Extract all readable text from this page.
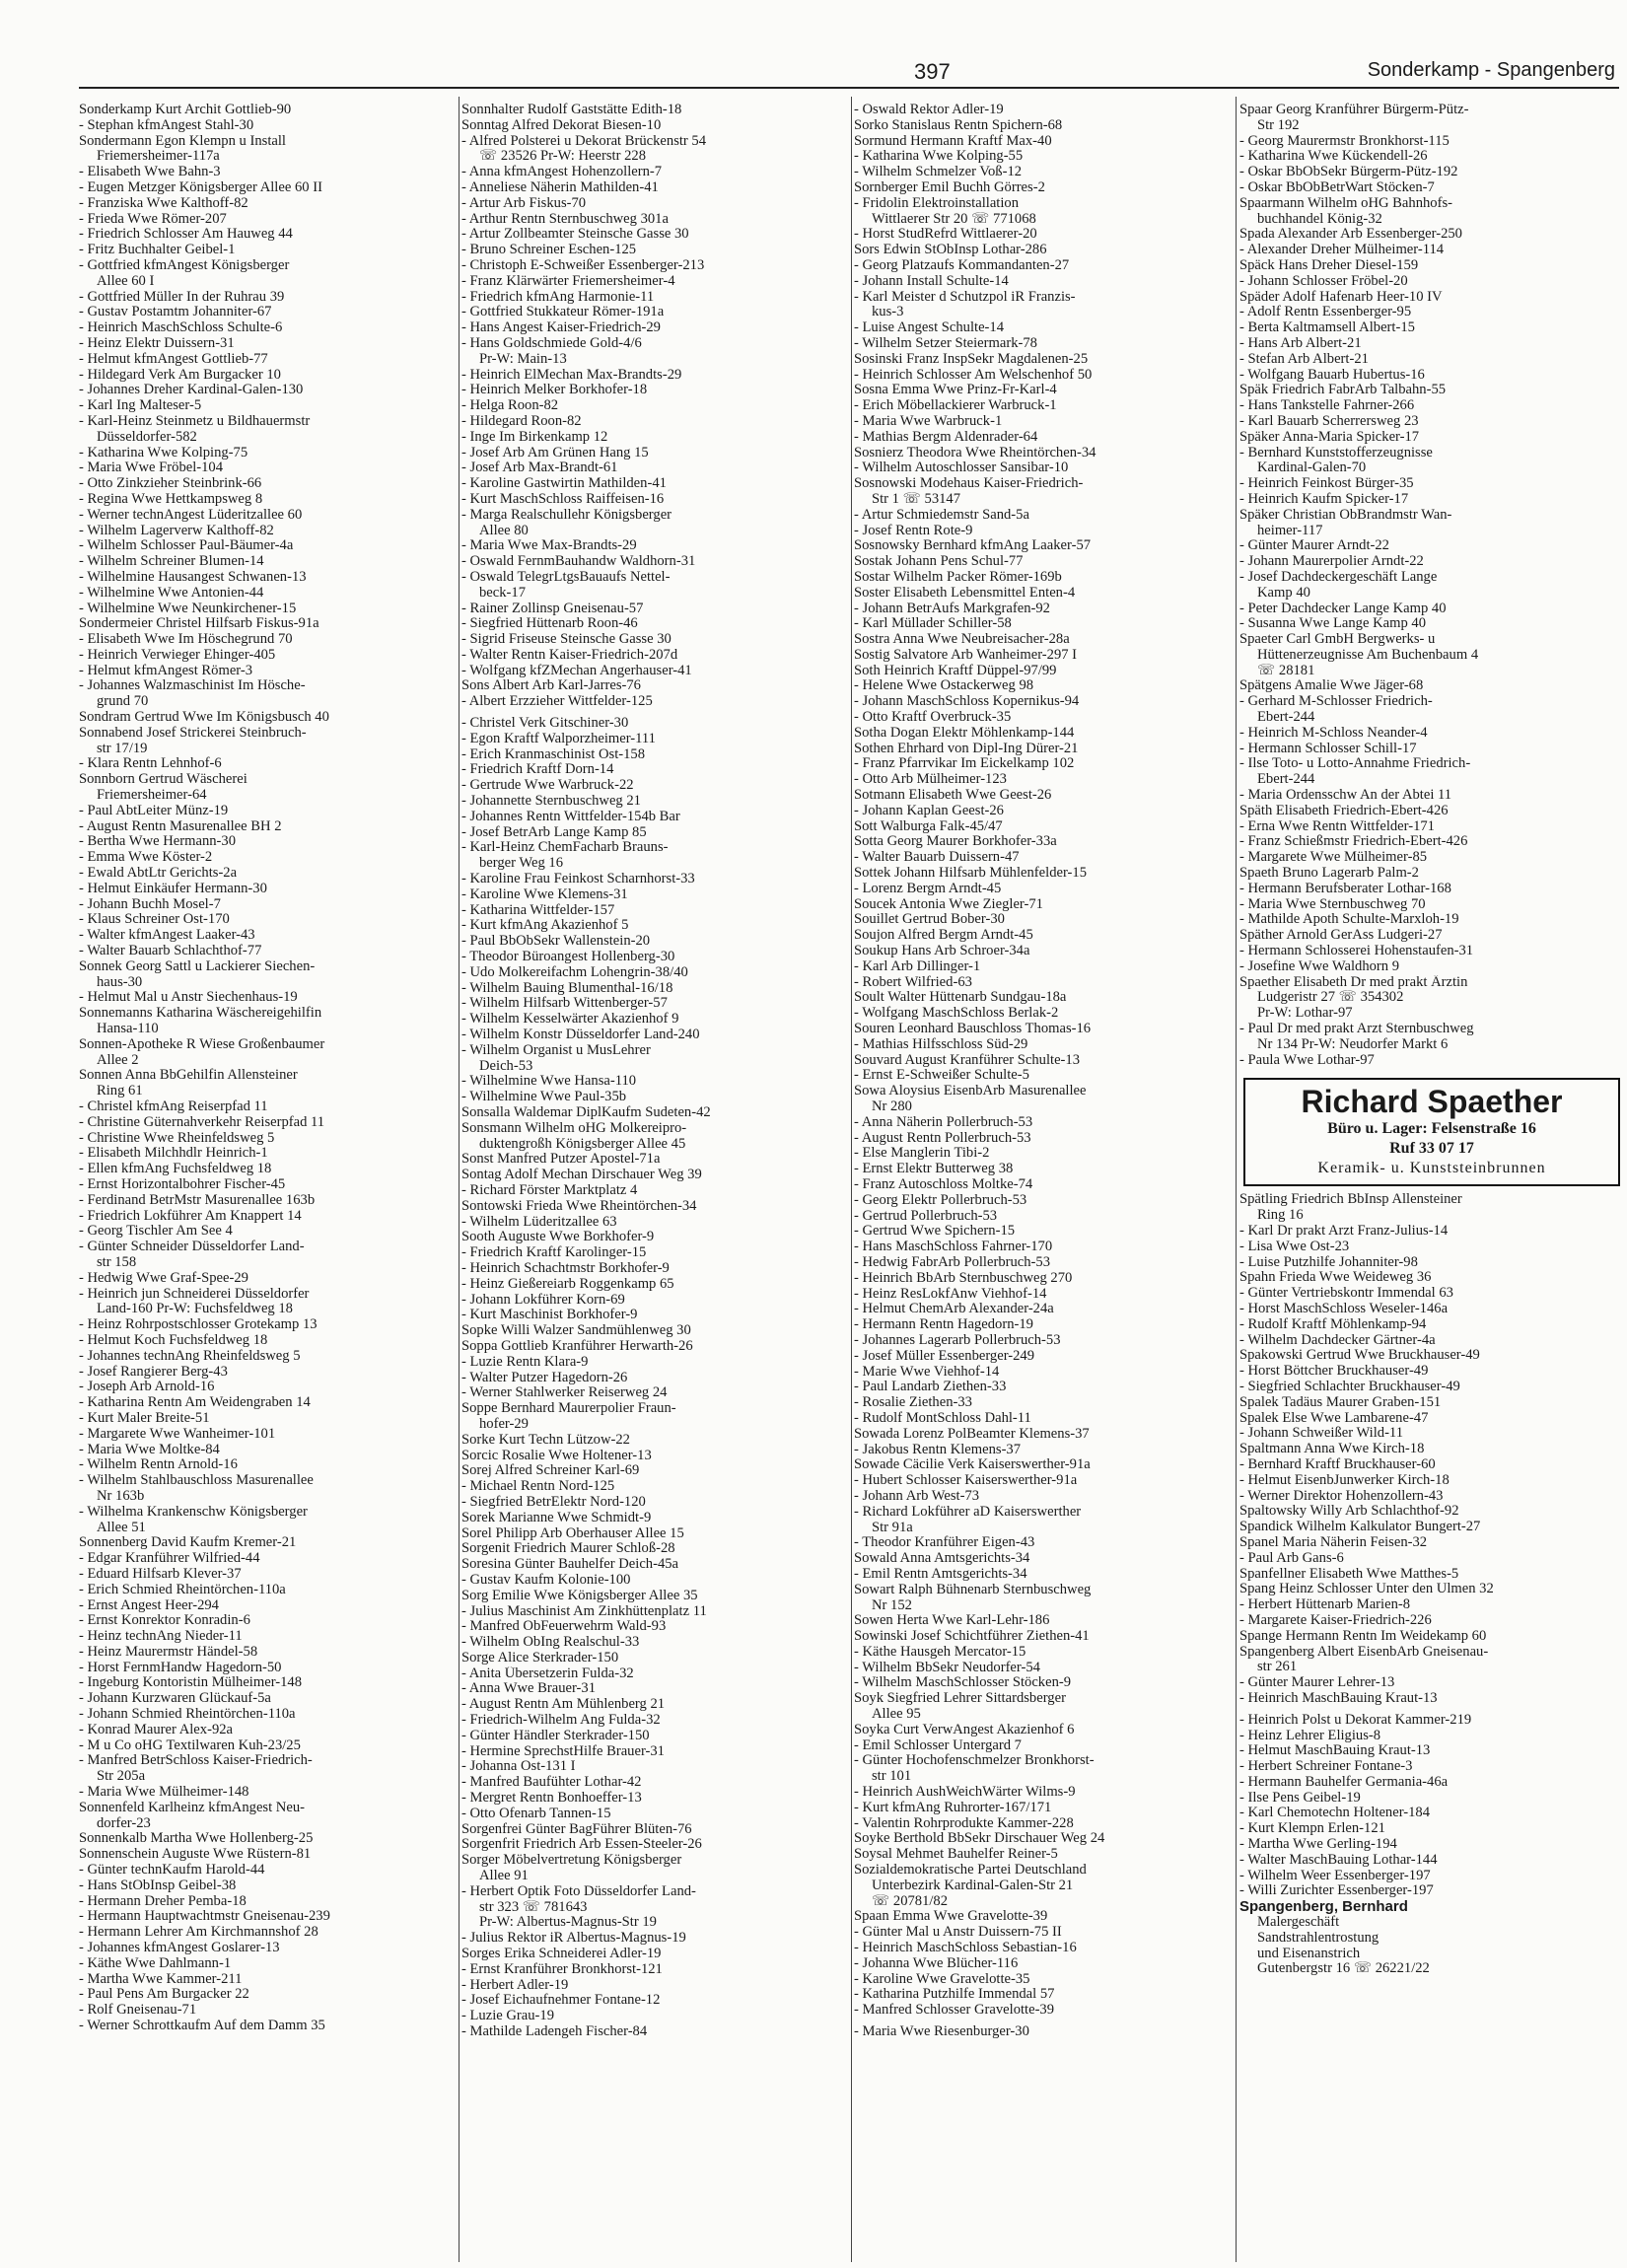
397	Sonderkamp - Spangenberg
Sonderkamp Kurt Archit Gottlieb-90
- Stephan kfmAngest Stahl-30
Sondermann Egon Klempn u Install
Friemersheimer-117a
- Elisabeth Wwe Bahn-3
- Eugen Metzger Königsberger Allee 60 II
- Franziska Wwe Kalthoff-82
- Frieda Wwe Römer-207
- Friedrich Schlosser Am Hauweg 44
- Fritz Buchhalter Geibel-1
- Gottfried kfmAngest Königsberger
Allee 60 I
- Gottfried Müller In der Ruhrau 39
- Gustav Postamtm Johanniter-67
- Heinrich MaschSchloss Schulte-6
- Heinz Elektr Duissern-31
- Helmut kfmAngest Gottlieb-77
- Hildegard Verk Am Burgacker 10
- Johannes Dreher Kardinal-Galen-130
- Karl Ing Malteser-5
- Karl-Heinz Steinmetz u Bildhauermstr
Düsseldorfer-582
- Katharina Wwe Kolping-75
- Maria Wwe Fröbel-104
- Otto Zinkzieher Steinbrink-66
- Regina Wwe Hettkampsweg 8
- Werner technAngest Lüderitzallee 60
- Wilhelm Lagerverw Kalthoff-82
- Wilhelm Schlosser Paul-Bäumer-4a
- Wilhelm Schreiner Blumen-14
- Wilhelmine Hausangest Schwanen-13
- Wilhelmine Wwe Antonien-44
- Wilhelmine Wwe Neunkirchener-15
Sondermeier Christel Hilfsarb Fiskus-91a
- Elisabeth Wwe Im Höschegrund 70
- Heinrich Verwieger Ehinger-405
- Helmut kfmAngest Römer-3
- Johannes Walzmaschinist Im Hösche-
grund 70
Sondram Gertrud Wwe Im Königsbusch 40
Sonnabend Josef Strickerei Steinbruch-
str 17/19
- Klara Rentn Lehnhof-6
Sonnborn Gertrud Wäscherei
Friemersheimer-64
- Paul AbtLeiter Münz-19
- August Rentn Masurenallee BH 2
- Bertha Wwe Hermann-30
- Emma Wwe Köster-2
- Ewald AbtLtr Gerichts-2a
- Helmut Einkäufer Hermann-30
- Johann Buchh Mosel-7
- Klaus Schreiner Ost-170
- Walter kfmAngest Laaker-43
- Walter Bauarb Schlachthof-77
Sonnek Georg Sattl u Lackierer Siechen-
haus-30
- Helmut Mal u Anstr Siechenhaus-19
Sonnemanns Katharina Wäschereigehilfin
Hansa-110
Sonnen-Apotheke R Wiese Großenbaumer
Allee 2
Sonnen Anna BbGehilfin Allensteiner
Ring 61
- Christel kfmAng Reiserpfad 11
- Christine Güternahverkehr Reiserpfad 11
- Christine Wwe Rheinfeldsweg 5
- Elisabeth Milchhdlr Heinrich-1
- Ellen kfmAng Fuchsfeldweg 18
- Ernst Horizontalbohrer Fischer-45
- Ferdinand BetrMstr Masurenallee 163b
- Friedrich Lokführer Am Knappert 14
- Georg Tischler Am See 4
- Günter Schneider Düsseldorfer Land-
str 158
- Hedwig Wwe Graf-Spee-29
- Heinrich jun Schneiderei Düsseldorfer
Land-160 Pr-W: Fuchsfeldweg 18
- Heinz Rohrpostschlosser Grotekamp 13
- Helmut Koch Fuchsfeldweg 18
- Johannes technAng Rheinfeldsweg 5
- Josef Rangierer Berg-43
- Joseph Arb Arnold-16
- Katharina Rentn Am Weidengraben 14
- Kurt Maler Breite-51
- Margarete Wwe Wanheimer-101
- Maria Wwe Moltke-84
- Wilhelm Rentn Arnold-16
- Wilhelm Stahlbauschloss Masurenallee
Nr 163b
- Wilhelma Krankenschw Königsberger
Allee 51
Sonnenberg David Kaufm Kremer-21
- Edgar Kranführer Wilfried-44
- Eduard Hilfsarb Klever-37
- Erich Schmied Rheintörchen-110a
- Ernst Angest Heer-294
- Ernst Konrektor Konradin-6
- Heinz technAng Nieder-11
- Heinz Maurermstr Händel-58
- Horst FernmHandw Hagedorn-50
- Ingeburg Kontoristin Mülheimer-148
- Johann Kurzwaren Glückauf-5a
- Johann Schmied Rheintörchen-110a
- Konrad Maurer Alex-92a
- M u Co oHG Textilwaren Kuh-23/25
- Manfred BetrSchloss Kaiser-Friedrich-
Str 205a
- Maria Wwe Mülheimer-148
Sonnenfeld Karlheinz kfmAngest Neu-
dorfer-23
Sonnenkalb Martha Wwe Hollenberg-25
Sonnenschein Auguste Wwe Rüstern-81
- Günter technKaufm Harold-44
- Hans StObInsp Geibel-38
- Hermann Dreher Pemba-18
- Hermann Hauptwachtmstr Gneisenau-239
- Hermann Lehrer Am Kirchmannshof 28
- Johannes kfmAngest Goslarer-13
- Käthe Wwe Dahlmann-1
- Martha Wwe Kammer-211
- Paul Pens Am Burgacker 22
- Rolf Gneisenau-71
- Werner Schrottkaufm Auf dem Damm 35
Sonnhalter Rudolf Gaststätte Edith-18
Sonntag Alfred Dekorat Biesen-10
- Alfred Polsterei u Dekorat Brückenstr 54
☏ 23526 Pr-W: Heerstr 228
- Anna kfmAngest Hohenzollern-7
- Anneliese Näherin Mathilden-41
- Artur Arb Fiskus-70
- Arthur Rentn Sternbuschweg 301a
- Artur Zollbeamter Steinsche Gasse 30
- Bruno Schreiner Eschen-125
- Christoph E-Schweißer Essenberger-213
- Franz Klärwärter Friemersheimer-4
- Friedrich kfmAng Harmonie-11
- Gottfried Stukkateur Römer-191a
- Hans Angest Kaiser-Friedrich-29
- Hans Goldschmiede Gold-4/6
Pr-W: Main-13
- Heinrich ElMechan Max-Brandts-29
- Heinrich Melker Borkhofer-18
- Helga Roon-82
- Hildegard Roon-82
- Inge Im Birkenkamp 12
- Josef Arb Am Grünen Hang 15
- Josef Arb Max-Brandt-61
- Karoline Gastwirtin Mathilden-41
- Kurt MaschSchloss Raiffeisen-16
- Marga Realschullehr Königsberger
Allee 80
- Maria Wwe Max-Brandts-29
- Oswald FernmBauhandw Waldhorn-31
- Oswald TelegrLtgsBauaufs Nettel-
beck-17
- Rainer Zollinsp Gneisenau-57
- Siegfried Hüttenarb Roon-46
- Sigrid Friseuse Steinsche Gasse 30
- Walter Rentn Kaiser-Friedrich-207d
- Wolfgang kfZMechan Angerhauser-41
Sons Albert Arb Karl-Jarres-76
- Albert Erzzieher Wittfelder-125
- Christel Verk Gitschiner-30
- Egon Kraftf Walporzheimer-111
- Erich Kranmaschinist Ost-158
- Friedrich Kraftf Dorn-14
- Gertrude Wwe Warbruck-22
- Johannette Sternbuschweg 21
- Johannes Rentn Wittfelder-154b Bar
- Josef BetrArb Lange Kamp 85
- Karl-Heinz ChemFacharb Brauns-
berger Weg 16
- Karoline Frau Feinkost Scharnhorst-33
- Karoline Wwe Klemens-31
- Katharina Wittfelder-157
- Kurt kfmAng Akazienhof 5
- Paul BbObSekr Wallenstein-20
- Theodor Büroangest Hollenberg-30
- Udo Molkereifachm Lohengrin-38/40
- Wilhelm Bauing Blumenthal-16/18
- Wilhelm Hilfsarb Wittenberger-57
- Wilhelm Kesselwärter Akazienhof 9
- Wilhelm Konstr Düsseldorfer Land-240
- Wilhelm Organist u MusLehrer
Deich-53
- Wilhelmine Wwe Hansa-110
- Wilhelmine Wwe Paul-35b
Sonsalla Waldemar DiplKaufm Sudeten-42
Sonsmann Wilhelm oHG Molkereipro-
duktengroßh Königsberger Allee 45
Sonst Manfred Putzer Apostel-71a
Sontag Adolf Mechan Dirschauer Weg 39
- Richard Förster Marktplatz 4
Sontowski Frieda Wwe Rheintörchen-34
- Wilhelm Lüderitzallee 63
Sooth Auguste Wwe Borkhofer-9
- Friedrich Kraftf Karolinger-15
- Heinrich Schachtmstr Borkhofer-9
- Heinz Gießereiarb Roggenkamp 65
- Johann Lokführer Korn-69
- Kurt Maschinist Borkhofer-9
Sopke Willi Walzer Sandmühlenweg 30
Soppa Gottlieb Kranführer Herwarth-26
- Luzie Rentn Klara-9
- Walter Putzer Hagedorn-26
- Werner Stahlwerker Reiserweg 24
Soppe Bernhard Maurerpolier Fraun-
hofer-29
Sorke Kurt Techn Lützow-22
Sorcic Rosalie Wwe Holtener-13
Sorej Alfred Schreiner Karl-69
- Michael Rentn Nord-125
- Siegfried BetrElektr Nord-120
Sorek Marianne Wwe Schmidt-9
Sorel Philipp Arb Oberhauser Allee 15
Sorgenit Friedrich Maurer Schloß-28
Soresina Günter Bauhelfer Deich-45a
- Gustav Kaufm Kolonie-100
Sorg Emilie Wwe Königsberger Allee 35
- Julius Maschinist Am Zinkhüttenplatz 11
- Manfred ObFeuerwehrm Wald-93
- Wilhelm ObIng Realschul-33
Sorge Alice Sterkrader-150
- Anita Übersetzerin Fulda-32
- Anna Wwe Brauer-31
- August Rentn Am Mühlenberg 21
- Friedrich-Wilhelm Ang Fulda-32
- Günter Händler Sterkrader-150
- Hermine SprechstHilfe Brauer-31
- Johanna Ost-131 I
- Manfred Baufühter Lothar-42
- Mergret Rentn Bonhoeffer-13
- Otto Ofenarb Tannen-15
Sorgenfrei Günter BagFührer Blüten-76
Sorgenfrit Friedrich Arb Essen-Steeler-26
Sorger Möbelvertretung Königsberger
Allee 91
- Herbert Optik Foto Düsseldorfer Land-
str 323 ☏ 781643
Pr-W: Albertus-Magnus-Str 19
- Julius Rektor iR Albertus-Magnus-19
Sorges Erika Schneiderei Adler-19
- Ernst Kranführer Bronkhorst-121
- Herbert Adler-19
- Josef Eichaufnehmer Fontane-12
- Luzie Grau-19
- Mathilde Ladengeh Fischer-84
- Oswald Rektor Adler-19
Sorko Stanislaus Rentn Spichern-68
Sormund Hermann Kraftf Max-40
- Katharina Wwe Kolping-55
- Wilhelm Schmelzer Voß-12
Sornberger Emil Buchh Görres-2
- Fridolin Elektroinstallation
Wittlaerer Str 20 ☏ 771068
- Horst StudRefrd Wittlaerer-20
Sors Edwin StObInsp Lothar-286
- Georg Platzaufs Kommandanten-27
- Johann Install Schulte-14
- Karl Meister d Schutzpol iR Franzis-
kus-3
- Luise Angest Schulte-14
- Wilhelm Setzer Steiermark-78
Sosinski Franz InspSekr Magdalenen-25
- Heinrich Schlosser Am Welschenhof 50
Sosna Emma Wwe Prinz-Fr-Karl-4
- Erich Möbellackierer Warbruck-1
- Maria Wwe Warbruck-1
- Mathias Bergm Aldenrader-64
Sosnierz Theodora Wwe Rheintörchen-34
- Wilhelm Autoschlosser Sansibar-10
Sosnowski Modehaus Kaiser-Friedrich-
Str 1 ☏ 53147
- Artur Schmiedemstr Sand-5a
- Josef Rentn Rote-9
Sosnowsky Bernhard kfmAng Laaker-57
Sostak Johann Pens Schul-77
Sostar Wilhelm Packer Römer-169b
Soster Elisabeth Lebensmittel Enten-4
- Johann BetrAufs Markgrafen-92
- Karl Müllader Schiller-58
Sostra Anna Wwe Neubreisacher-28a
Sostig Salvatore Arb Wanheimer-297 I
Soth Heinrich Kraftf Düppel-97/99
- Helene Wwe Ostackerweg 98
- Johann MaschSchloss Kopernikus-94
- Otto Kraftf Overbruck-35
Sotha Dogan Elektr Möhlenkamp-144
Sothen Ehrhard von Dipl-Ing Dürer-21
- Franz Pfarrvikar Im Eickelkamp 102
- Otto Arb Mülheimer-123
Sotmann Elisabeth Wwe Geest-26
- Johann Kaplan Geest-26
Sott Walburga Falk-45/47
Sotta Georg Maurer Borkhofer-33a
- Walter Bauarb Duissern-47
Sottek Johann Hilfsarb Mühlenfelder-15
- Lorenz Bergm Arndt-45
Soucek Antonia Wwe Ziegler-71
Souillet Gertrud Bober-30
Soujon Alfred Bergm Arndt-45
Soukup Hans Arb Schroer-34a
- Karl Arb Dillinger-1
- Robert Wilfried-63
Soult Walter Hüttenarb Sundgau-18a
- Wolfgang MaschSchloss Berlak-2
Souren Leonhard Bauschloss Thomas-16
- Mathias Hilfsschloss Süd-29
Souvard August Kranführer Schulte-13
- Ernst E-Schweißer Schulte-5
Sowa Aloysius EisenbArb Masurenallee
Nr 280
- Anna Näherin Pollerbruch-53
- August Rentn Pollerbruch-53
- Else Manglerin Tibi-2
- Ernst Elektr Butterweg 38
- Franz Autoschloss Moltke-74
- Georg Elektr Pollerbruch-53
- Gertrud Pollerbruch-53
- Gertrud Wwe Spichern-15
- Hans MaschSchloss Fahrner-170
- Hedwig FabrArb Pollerbruch-53
- Heinrich BbArb Sternbuschweg 270
- Heinz ResLokfAnw Viehhof-14
- Helmut ChemArb Alexander-24a
- Hermann Rentn Hagedorn-19
- Johannes Lagerarb Pollerbruch-53
- Josef Müller Essenberger-249
- Marie Wwe Viehhof-14
- Paul Landarb Ziethen-33
- Rosalie Ziethen-33
- Rudolf MontSchloss Dahl-11
Sowada Lorenz PolBeamter Klemens-37
- Jakobus Rentn Klemens-37
Sowade Cäcilie Verk Kaiserswerther-91a
- Hubert Schlosser Kaiserswerther-91a
- Johann Arb West-73
- Richard Lokführer aD Kaiserswerther
Str 91a
- Theodor Kranführer Eigen-43
Sowald Anna Amtsgerichts-34
- Emil Rentn Amtsgerichts-34
Sowart Ralph Bühnenarb Sternbuschweg
Nr 152
Sowen Herta Wwe Karl-Lehr-186
Sowinski Josef Schichtführer Ziethen-41
- Käthe Hausgeh Mercator-15
- Wilhelm BbSekr Neudorfer-54
- Wilhelm MaschSchlosser Stöcken-9
Soyk Siegfried Lehrer Sittardsberger
Allee 95
Soyka Curt VerwAngest Akazienhof 6
- Emil Schlosser Untergard 7
- Günter Hochofenschmelzer Bronkhorst-
str 101
- Heinrich AushWeichWärter Wilms-9
- Kurt kfmAng Ruhrorter-167/171
- Valentin Rohrprodukte Kammer-228
Soyke Berthold BbSekr Dirschauer Weg 24
Soysal Mehmet Bauhelfer Reiner-5
Sozialdemokratische Partei Deutschland
Unterbezirk Kardinal-Galen-Str 21
☏ 20781/82
Spaan Emma Wwe Gravelotte-39
- Günter Mal u Anstr Duissern-75 II
- Heinrich MaschSchloss Sebastian-16
- Johanna Wwe Blücher-116
- Karoline Wwe Gravelotte-35
- Katharina Putzhilfe Immendal 57
- Manfred Schlosser Gravelotte-39
- Maria Wwe Riesenburger-30
Spaar Georg Kranführer Bürgerm-Pütz-
Str 192
- Georg Maurermstr Bronkhorst-115
- Katharina Wwe Kückendell-26
- Oskar BbObSekr Bürgerm-Pütz-192
- Oskar BbObBetrWart Stöcken-7
Spaarmann Wilhelm oHG Bahnhofs-
buchhandel König-32
Spada Alexander Arb Essenberger-250
- Alexander Dreher Mülheimer-114
Späck Hans Dreher Diesel-159
- Johann Schlosser Fröbel-20
Späder Adolf Hafenarb Heer-10 IV
- Adolf Rentn Essenberger-95
- Berta Kaltmamsell Albert-15
- Hans Arb Albert-21
- Stefan Arb Albert-21
- Wolfgang Bauarb Hubertus-16
Späk Friedrich FabrArb Talbahn-55
- Hans Tankstelle Fahrner-266
- Karl Bauarb Scherrersweg 23
Späker Anna-Maria Spicker-17
- Bernhard Kunststofferzeugnisse
Kardinal-Galen-70
- Heinrich Feinkost Bürger-35
- Heinrich Kaufm Spicker-17
Späker Christian ObBrandmstr Wan-
heimer-117
- Günter Maurer Arndt-22
- Johann Maurerpolier Arndt-22
- Josef Dachdeckergeschäft Lange
Kamp 40
- Peter Dachdecker Lange Kamp 40
- Susanna Wwe Lange Kamp 40
Spaeter Carl GmbH Bergwerks- u
Hüttenerzeugnisse Am Buchenbaum 4
☏ 28181
Spätgens Amalie Wwe Jäger-68
- Gerhard M-Schlosser Friedrich-
Ebert-244
- Heinrich M-Schloss Neander-4
- Hermann Schlosser Schill-17
- Ilse Toto- u Lotto-Annahme Friedrich-
Ebert-244
- Maria Ordensschw An der Abtei 11
Späth Elisabeth Friedrich-Ebert-426
- Erna Wwe Rentn Wittfelder-171
- Franz Schießmstr Friedrich-Ebert-426
- Margarete Wwe Mülheimer-85
Spaeth Bruno Lagerarb Palm-2
- Hermann Berufsberater Lothar-168
- Maria Wwe Sternbuschweg 70
- Mathilde Apoth Schulte-Marxloh-19
Späther Arnold GerAss Ludgeri-27
- Hermann Schlosserei Hohenstaufen-31
- Josefine Wwe Waldhorn 9
Spaether Elisabeth Dr med prakt Ärztin
Ludgeristr 27 ☏ 354302
Pr-W: Lothar-97
- Paul Dr med prakt Arzt Sternbuschweg
Nr 134 Pr-W: Neudorfer Markt 6
- Paula Wwe Lothar-97
Richard Spaether
Büro u. Lager: Felsenstraße 16
Ruf 33 07 17
Keramik- u. Kunststeinbrunnen
Spätling Friedrich BbInsp Allensteiner
Ring 16
- Karl Dr prakt Arzt Franz-Julius-14
- Lisa Wwe Ost-23
- Luise Putzhilfe Johanniter-98
Spahn Frieda Wwe Weideweg 36
- Günter Vertriebskontr Immendal 63
- Horst MaschSchloss Weseler-146a
- Rudolf Kraftf Möhlenkamp-94
- Wilhelm Dachdecker Gärtner-4a
Spakowski Gertrud Wwe Bruckhauser-49
- Horst Böttcher Bruckhauser-49
- Siegfried Schlachter Bruckhauser-49
Spalek Tadäus Maurer Graben-151
Spalek Else Wwe Lambarene-47
- Johann Schweißer Wild-11
Spaltmann Anna Wwe Kirch-18
- Bernhard Kraftf Bruckhauser-60
- Helmut EisenbJunwerker Kirch-18
- Werner Direktor Hohenzollern-43
Spaltowsky Willy Arb Schlachthof-92
Spandick Wilhelm Kalkulator Bungert-27
Spanel Maria Näherin Feisen-32
- Paul Arb Gans-6
Spanfellner Elisabeth Wwe Matthes-5
Spang Heinz Schlosser Unter den Ulmen 32
- Herbert Hüttenarb Marien-8
- Margarete Kaiser-Friedrich-226
Spange Hermann Rentn Im Weidekamp 60
Spangenberg Albert EisenbArb Gneisenau-
str 261
- Günter Maurer Lehrer-13
- Heinrich MaschBauing Kraut-13
- Heinrich Polst u Dekorat Kammer-219
- Heinz Lehrer Eligius-8
- Helmut MaschBauing Kraut-13
- Herbert Schreiner Fontane-3
- Hermann Bauhelfer Germania-46a
- Ilse Pens Geibel-19
- Karl Chemotechn Holtener-184
- Kurt Klempn Erlen-121
- Martha Wwe Gerling-194
- Walter MaschBauing Lothar-144
- Wilhelm Weer Essenberger-197
- Willi Zurichter Essenberger-197
Spangenberg, Bernhard
Malergeschäft
Sandstrahlentrostung
und Eisenanstrich
Gutenbergstr 16 ☏ 26221/22
